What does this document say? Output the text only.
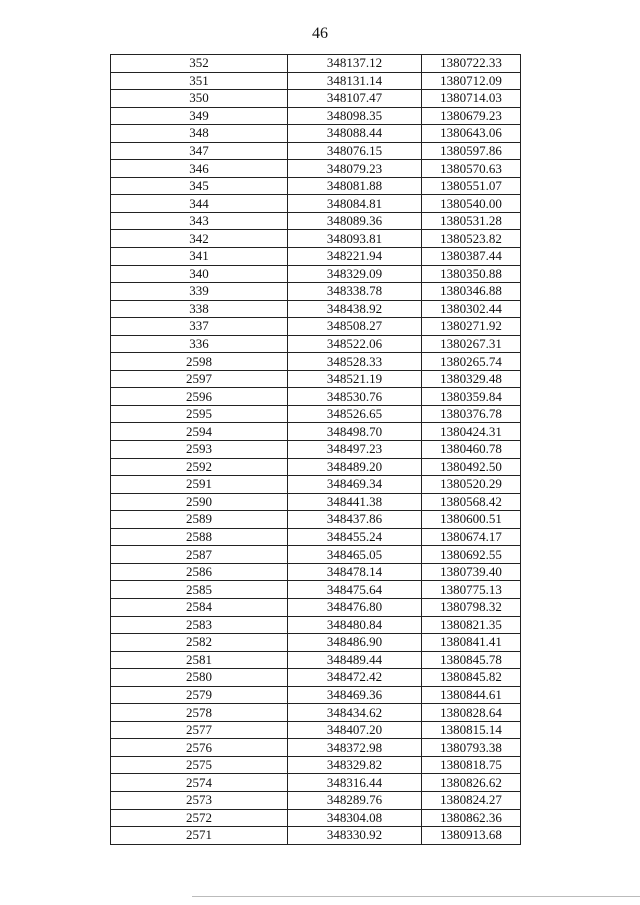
46
352	348137.12	1380722.33
351	348131.14	1380712.09
350	348107.47	1380714.03
349	348098.35	1380679.23
348	348088.44	1380643.06
347	348076.15	1380597.86
346	348079.23	1380570.63
345	348081.88	1380551.07
344	348084.81	1380540.00
343	348089.36	1380531.28
342	348093.81	1380523.82
341	348221.94	1380387.44
340	348329.09	1380350.88
339	348338.78	1380346.88
338	348438.92	1380302.44
337	348508.27	1380271.92
336	348522.06	1380267.31
2598	348528.33	1380265.74
2597	348521.19	1380329.48
2596	348530.76	1380359.84
2595	348526.65	1380376.78
2594	348498.70	1380424.31
2593	348497.23	1380460.78
2592	348489.20	1380492.50
2591	348469.34	1380520.29
2590	348441.38	1380568.42
2589	348437.86	1380600.51
2588	348455.24	1380674.17
2587	348465.05	1380692.55
2586	348478.14	1380739.40
2585	348475.64	1380775.13
2584	348476.80	1380798.32
2583	348480.84	1380821.35
2582	348486.90	1380841.41
2581	348489.44	1380845.78
2580	348472.42	1380845.82
2579	348469.36	1380844.61
2578	348434.62	1380828.64
2577	348407.20	1380815.14
2576	348372.98	1380793.38
2575	348329.82	1380818.75
2574	348316.44	1380826.62
2573	348289.76	1380824.27
2572	348304.08	1380862.36
2571	348330.92	1380913.68
